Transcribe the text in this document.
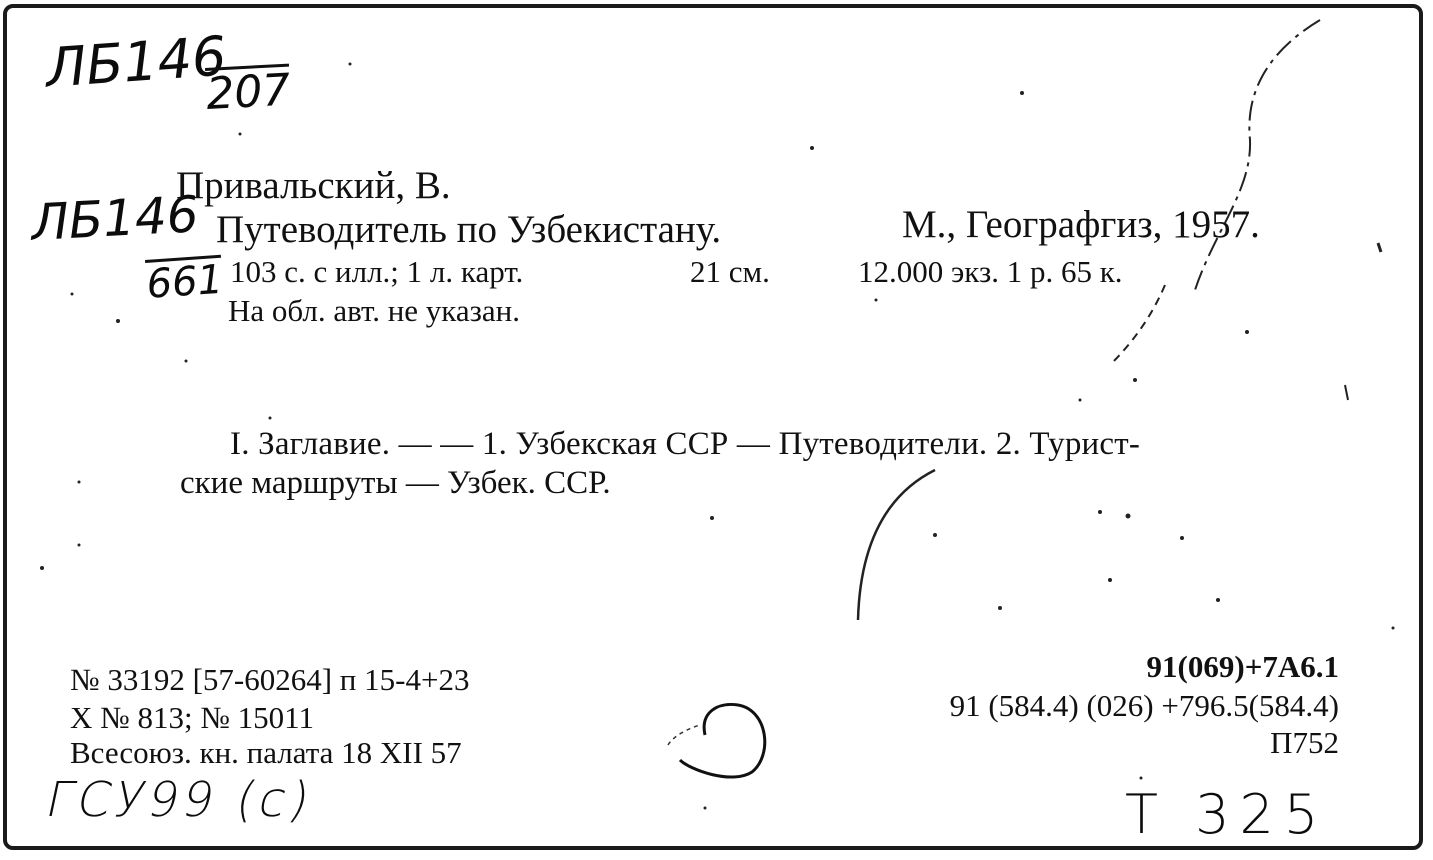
ЛБ146
207
ЛБ146
661
Привальский, В.
Путеводитель по Узбекистану.	М., Географгиз, 1957.
103 с. с илл.; 1 л. карт.	21 см.	12.000 экз. 1 р. 65 к.
На обл. авт. не указан.
I. Заглавие. — — 1. Узбекская ССР — Путеводители. 2. Турист-
ские маршруты — Узбек. ССР.
№ 33192 [57-60264] п 15-4+23
X № 813; № 15011
Всесоюз. кн. палата 18 XII 57
91(069)+7А6.1
91 (584.4) (026) +796.5(584.4)
П752
ГСУ99 (с)	Т 325
